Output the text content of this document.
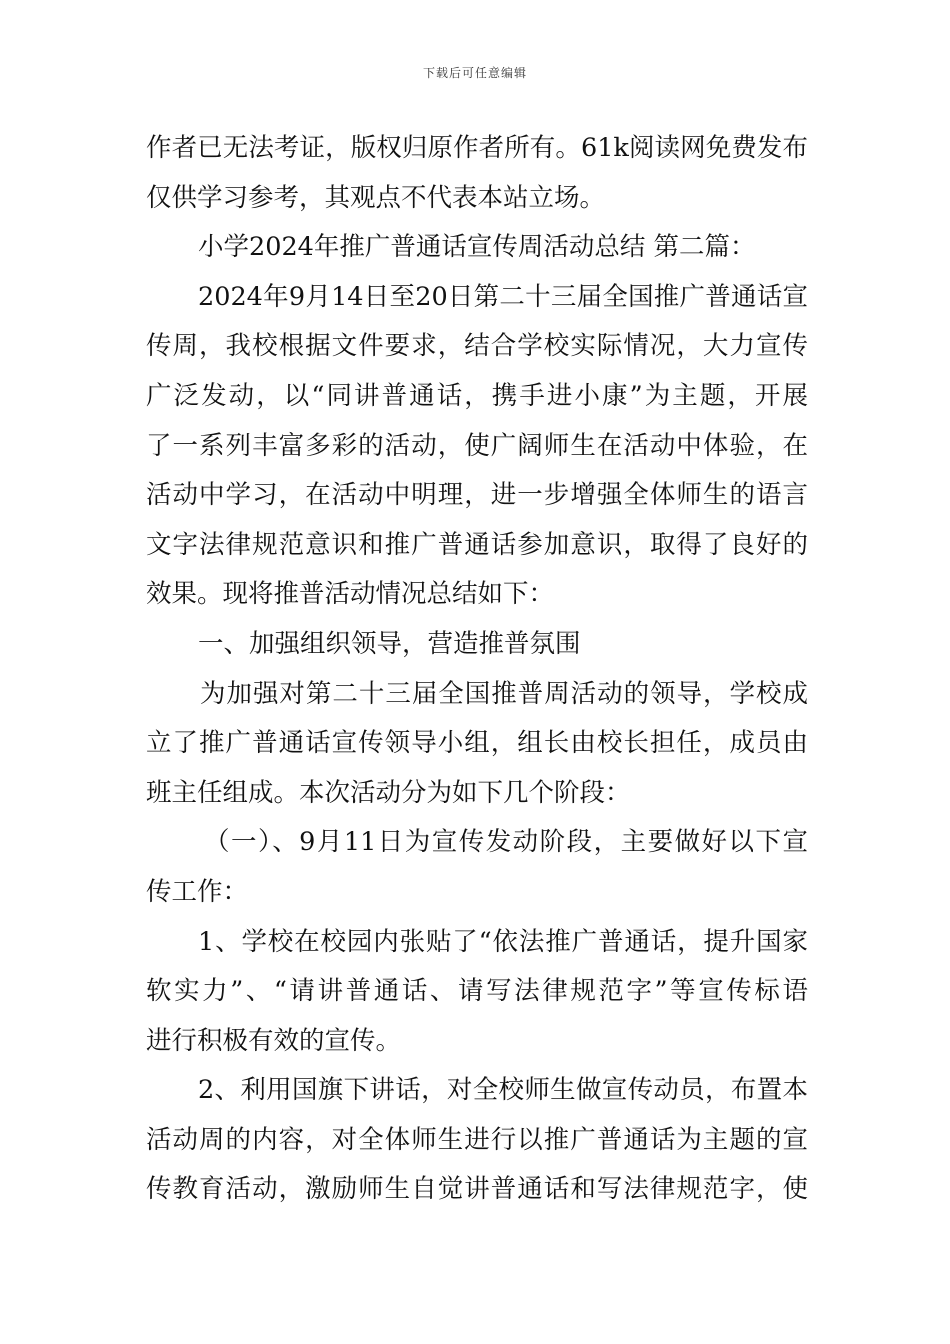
下载后可任意编辑
作者已无法考证，版权归原作者所有。61k阅读网免费发布
仅供学习参考，其观点不代表本站立场。
小学2024年推广普通话宣传周活动总结 第二篇：
2024年9月14日至20日第二十三届全国推广普通话宣
传周，我校根据文件要求，结合学校实际情况，大力宣传
广泛发动，以“同讲普通话，携手进小康”为主题，开展
了一系列丰富多彩的活动，使广阔师生在活动中体验，在
活动中学习，在活动中明理，进一步增强全体师生的语言
文字法律规范意识和推广普通话参加意识，取得了良好的
效果。现将推普活动情况总结如下：
一、加强组织领导，营造推普氛围
为加强对第二十三届全国推普周活动的领导，学校成
立了推广普通话宣传领导小组，组长由校长担任，成员由
班主任组成。本次活动分为如下几个阶段：
（一）、9月11日为宣传发动阶段，主要做好以下宣
传工作：
1、学校在校园内张贴了“依法推广普通话，提升国家
软实力”、“请讲普通话、请写法律规范字”等宣传标语
进行积极有效的宣传。
2、利用国旗下讲话，对全校师生做宣传动员，布置本
活动周的内容，对全体师生进行以推广普通话为主题的宣
传教育活动，激励师生自觉讲普通话和写法律规范字，使
